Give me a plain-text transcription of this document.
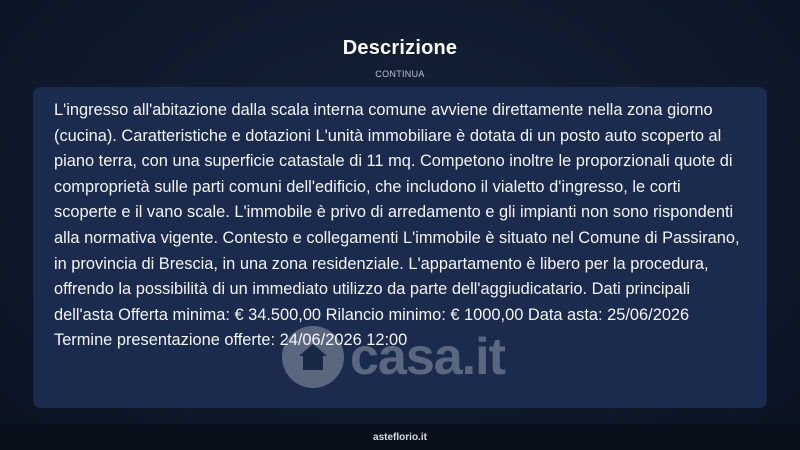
Descrizione
CONTINUA

L'ingresso all'abitazione dalla scala interna comune avviene direttamente nella zona giorno (cucina). Caratteristiche e dotazioni L'unità immobiliare è dotata di un posto auto scoperto al piano terra, con una superficie catastale di 11 mq. Competono inoltre le proporzionali quote di comproprietà sulle parti comuni dell'edificio, che includono il vialetto d'ingresso, le corti scoperte e il vano scale. L'immobile è privo di arredamento e gli impianti non sono rispondenti alla normativa vigente. Contesto e collegamenti L'immobile è situato nel Comune di Passirano, in provincia di Brescia, in una zona residenziale. L'appartamento è libero per la procedura, offrendo la possibilità di un immediato utilizzo da parte dell'aggiudicatario. Dati principali dell'asta Offerta minima: € 34.500,00 Rilancio minimo: € 1000,00 Data asta: 25/06/2026 Termine presentazione offerte: 24/06/2026 12:00

casa.it
asteflorio.it
